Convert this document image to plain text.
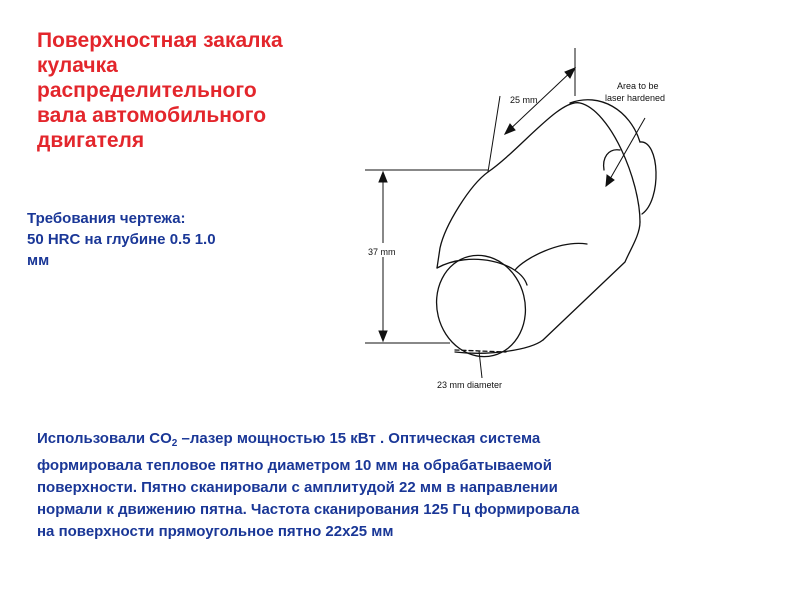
Поверхностная закалка
кулачка
распределительного
вала автомобильного
двигателя
Требования чертежа:
50 HRC на глубине 0.5 1.0
мм
25 mm
Area to be
laser hardened
37 mm
23 mm diameter
Использовали $CO_2$ –лазер мощностью 15 кВт . Оптическая система
формировала тепловое пятно диаметром 10 мм на обрабатываемой
поверхности. Пятно сканировали с амплитудой 22 мм в направлении
нормали к движению пятна. Частота сканирования 125 Гц формировала
на поверхности прямоугольное пятно 22х25 мм
